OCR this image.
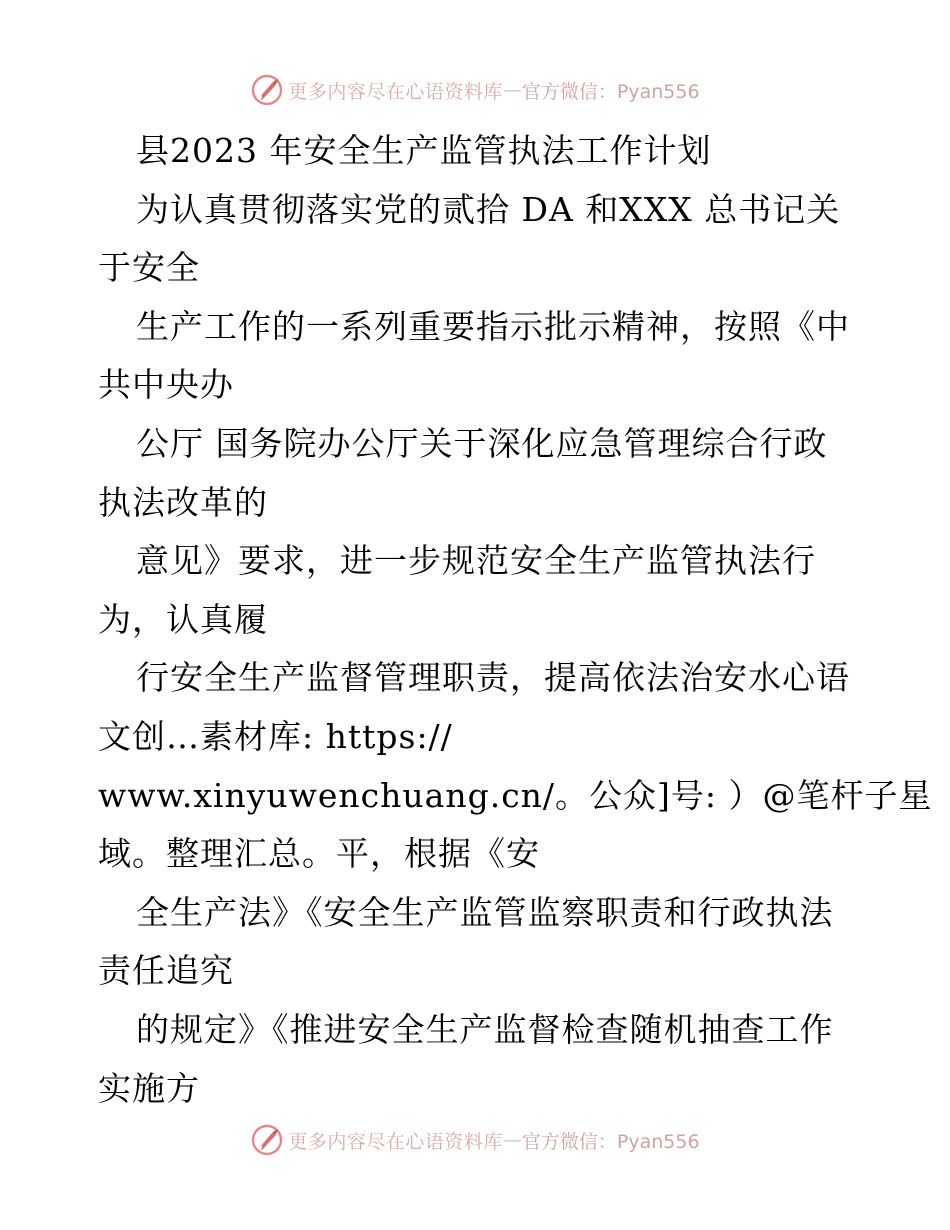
更多内容尽在心语资料库 — 官方微信：Pyan556
县2023 年安全生产监管执法工作计划
为认真贯彻落实党的贰拾 DA 和XXX 总书记关
于安全
生产工作的一系列重要指示批示精神，按照《中
共中央办
公厅 国务院办公厅关于深化应急管理综合行政
执法改革的
意见》要求，进一步规范安全生产监管执法行
为，认真履
行安全生产监督管理职责，提高依法治安水心语
文创…素材库: https://
www.xinyuwenchuang.cn/。公众]号: ）@笔杆子星
域。整理汇总。平，根据《安
全生产法》《安全生产监管监察职责和行政执法
责任追究
的规定》《推进安全生产监督检查随机抽查工作
实施方
更多内容尽在心语资料库 — 官方微信：Pyan556
